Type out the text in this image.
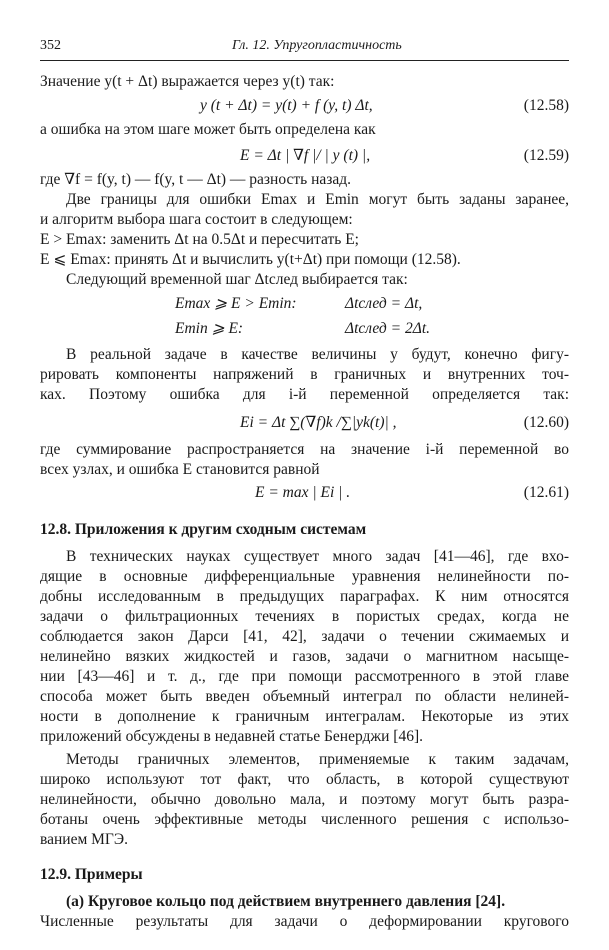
352	Гл. 12. Упругопластичность
Значение y(t + Δt) выражается через y(t) так:
y (t + Δt) = y(t) + f (y, t) Δt,	(12.58)
а ошибка на этом шаге может быть определена как
E = Δt | ∇f |/ | y (t) |,	(12.59)
где ∇f = f(y, t) — f(y, t — Δt) — разность назад.
Две границы для ошибки Emax и Emin могут быть заданы заранее,
и алгоритм выбора шага состоит в следующем:
E > Emax: заменить Δt на 0.5Δt и пересчитать E;
E ⩽ Emax: принять Δt и вычислить y(t+Δt) при помощи (12.58).
Следующий временной шаг Δtслед выбирается так:
Emax ⩾ E > Emin:	Δtслед = Δt,
Emin ⩾ E:	Δtслед = 2Δt.
В реальной задаче в качестве величины y будут, конечно фигу-
рировать компоненты напряжений в граничных и внутренних точ-
ках. Поэтому ошибка для i-й переменной определяется так:
Ei = Δt ∑(∇f)k /∑|yk(t)| ,	(12.60)
где суммирование распространяется на значение i-й переменной во
всех узлах, и ошибка E становится равной
E = max | Ei | .	(12.61)
12.8. Приложения к другим сходным системам
В технических науках существует много задач [41—46], где вхо-
дящие в основные дифференциальные уравнения нелинейности по-
добны исследованным в предыдущих параграфах. К ним относятся
задачи о фильтрационных течениях в пористых средах, когда не
соблюдается закон Дарси [41, 42], задачи о течении сжимаемых и
нелинейно вязких жидкостей и газов, задачи о магнитном насыще-
нии [43—46] и т. д., где при помощи рассмотренного в этой главе
способа может быть введен объемный интеграл по области нелиней-
ности в дополнение к граничным интегралам. Некоторые из этих
приложений обсуждены в недавней статье Бенерджи [46].
Методы граничных элементов, применяемые к таким задачам,
широко используют тот факт, что область, в которой существуют
нелинейности, обычно довольно мала, и поэтому могут быть разра-
ботаны очень эффективные методы численного решения с использо-
ванием МГЭ.
12.9. Примеры
(а) Круговое кольцо под действием внутреннего давления [24].
Численные результаты для задачи о деформировании кругового
